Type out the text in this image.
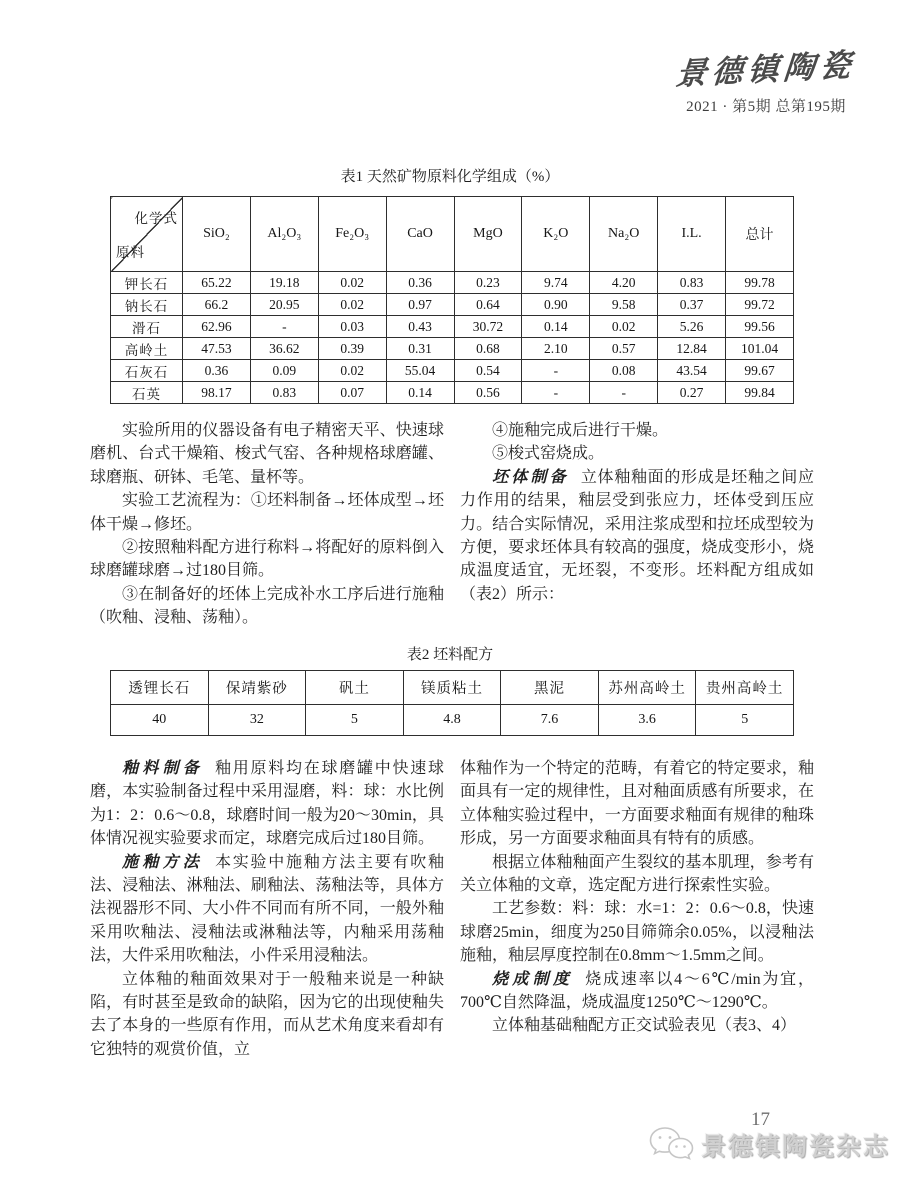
景德镇陶瓷
2021 · 第5期 总第195期
表1 天然矿物原料化学组成（%）
化学式
原料	SiO₂	Al₂O₃	Fe₂O₃	CaO	MgO	K₂O	Na₂O	I.L.	总计
钾长石	65.22	19.18	0.02	0.36	0.23	9.74	4.20	0.83	99.78
钠长石	66.2	20.95	0.02	0.97	0.64	0.90	9.58	0.37	99.72
滑石	62.96	-	0.03	0.43	30.72	0.14	0.02	5.26	99.56
高岭土	47.53	36.62	0.39	0.31	0.68	2.10	0.57	12.84	101.04
石灰石	0.36	0.09	0.02	55.04	0.54	-	0.08	43.54	99.67
石英	98.17	0.83	0.07	0.14	0.56	-	-	0.27	99.84

实验所用的仪器设备有电子精密天平、快速球磨机、台式干燥箱、梭式气窑、各种规格球磨罐、球磨瓶、研钵、毛笔、量杯等。

实验工艺流程为：①坯料制备→坯体成型→坯体干燥→修坯。

②按照釉料配方进行称料→将配好的原料倒入球磨罐球磨→过180目筛。

③在制备好的坯体上完成补水工序后进行施釉（吹釉、浸釉、荡釉）。

④施釉完成后进行干燥。

⑤梭式窑烧成。

坯体制备 立体釉釉面的形成是坯釉之间应力作用的结果，釉层受到张应力，坯体受到压应力。结合实际情况，采用注浆成型和拉坯成型较为方便，要求坯体具有较高的强度，烧成变形小，烧成温度适宜，无坯裂，不变形。坯料配方组成如（表2）所示：

表2 坯料配方
透锂长石	保靖紫砂	矾土	镁质粘土	黑泥	苏州高岭土	贵州高岭土
40	32	5	4.8	7.6	3.6	5

釉料制备 釉用原料均在球磨罐中快速球磨，本实验制备过程中采用湿磨，料：球：水比例为1：2：0.6～0.8，球磨时间一般为20～30min，具体情况视实验要求而定，球磨完成后过180目筛。

施釉方法 本实验中施釉方法主要有吹釉法、浸釉法、淋釉法、刷釉法、荡釉法等，具体方法视器形不同、大小件不同而有所不同，一般外釉采用吹釉法、浸釉法或淋釉法等，内釉采用荡釉法，大件采用吹釉法，小件采用浸釉法。

立体釉的釉面效果对于一般釉来说是一种缺陷，有时甚至是致命的缺陷，因为它的出现使釉失去了本身的一些原有作用，而从艺术角度来看却有它独特的观赏价值，立

体釉作为一个特定的范畴，有着它的特定要求，釉面具有一定的规律性，且对釉面质感有所要求，在立体釉实验过程中，一方面要求釉面有规律的釉珠形成，另一方面要求釉面具有特有的质感。

根据立体釉釉面产生裂纹的基本肌理，参考有关立体釉的文章，选定配方进行探索性实验。

工艺参数：料：球：水=1：2：0.6～0.8，快速球磨25min，细度为250目筛筛余0.05%，以浸釉法施釉，釉层厚度控制在0.8mm～1.5mm之间。

烧成制度 烧成速率以4～6℃/min为宜，700℃自然降温，烧成温度1250℃～1290℃。

立体釉基础釉配方正交试验表见（表3、4）

17
景德镇陶瓷杂志
